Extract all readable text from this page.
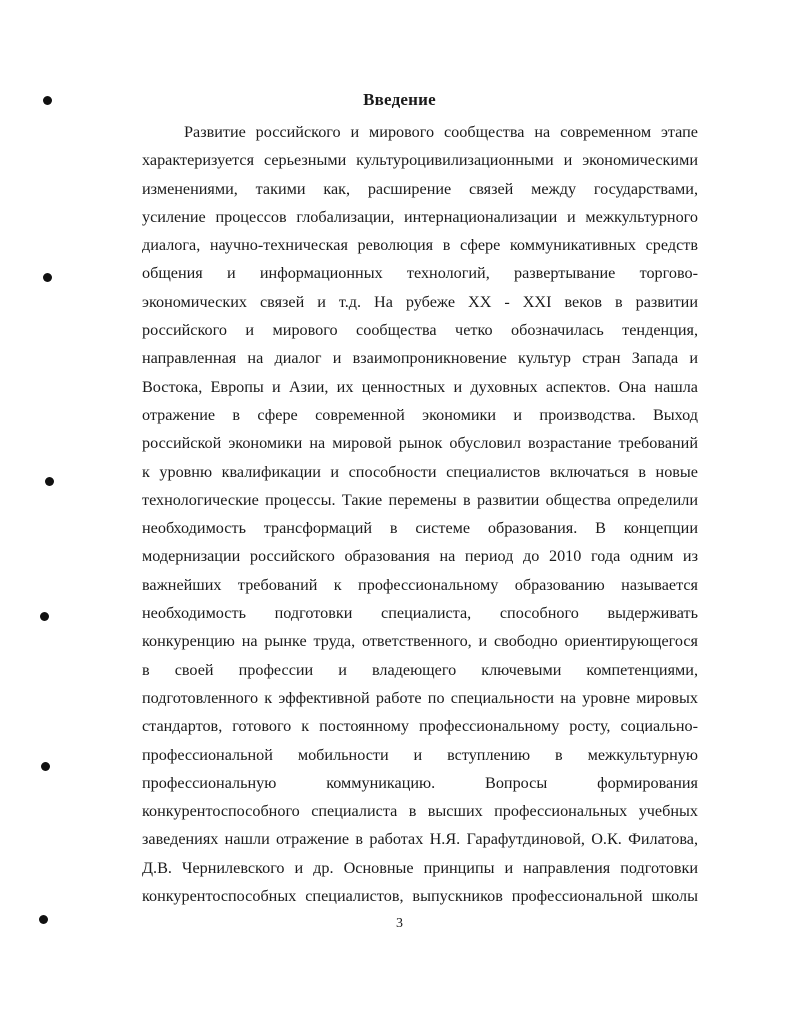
Введение
Развитие российского и мирового сообщества на современном этапе
характеризуется серьезными культуроцивилизационными и экономическими
изменениями, такими как, расширение связей между государствами,
усиление процессов глобализации, интернационализации и межкультурного
диалога, научно-техническая революция в сфере коммуникативных средств
общения и информационных технологий, развертывание торгово-
экономических связей и т.д. На рубеже XX - XXI веков в развитии
российского и мирового сообщества четко обозначилась тенденция,
направленная на диалог и взаимопроникновение культур стран Запада и
Востока, Европы и Азии, их ценностных и духовных аспектов. Она нашла
отражение в сфере современной экономики и производства. Выход
российской экономики на мировой рынок обусловил возрастание требований
к уровню квалификации и способности специалистов включаться в новые
технологические процессы. Такие перемены в развитии общества определили
необходимость трансформаций в системе образования. В концепции
модернизации российского образования на период до 2010 года одним из
важнейших требований к профессиональному образованию называется
необходимость подготовки специалиста, способного выдерживать
конкуренцию на рынке труда, ответственного, и свободно ориентирующегося
в своей профессии и владеющего ключевыми компетенциями,
подготовленного к эффективной работе по специальности на уровне мировых
стандартов, готового к постоянному профессиональному росту, социально-
профессиональной мобильности и вступлению в межкультурную
профессиональную коммуникацию. Вопросы формирования
конкурентоспособного специалиста в высших профессиональных учебных
заведениях нашли отражение в работах Н.Я. Гарафутдиновой, О.К. Филатова,
Д.В. Чернилевского и др. Основные принципы и направления подготовки
конкурентоспособных специалистов, выпускников профессиональной школы
3
